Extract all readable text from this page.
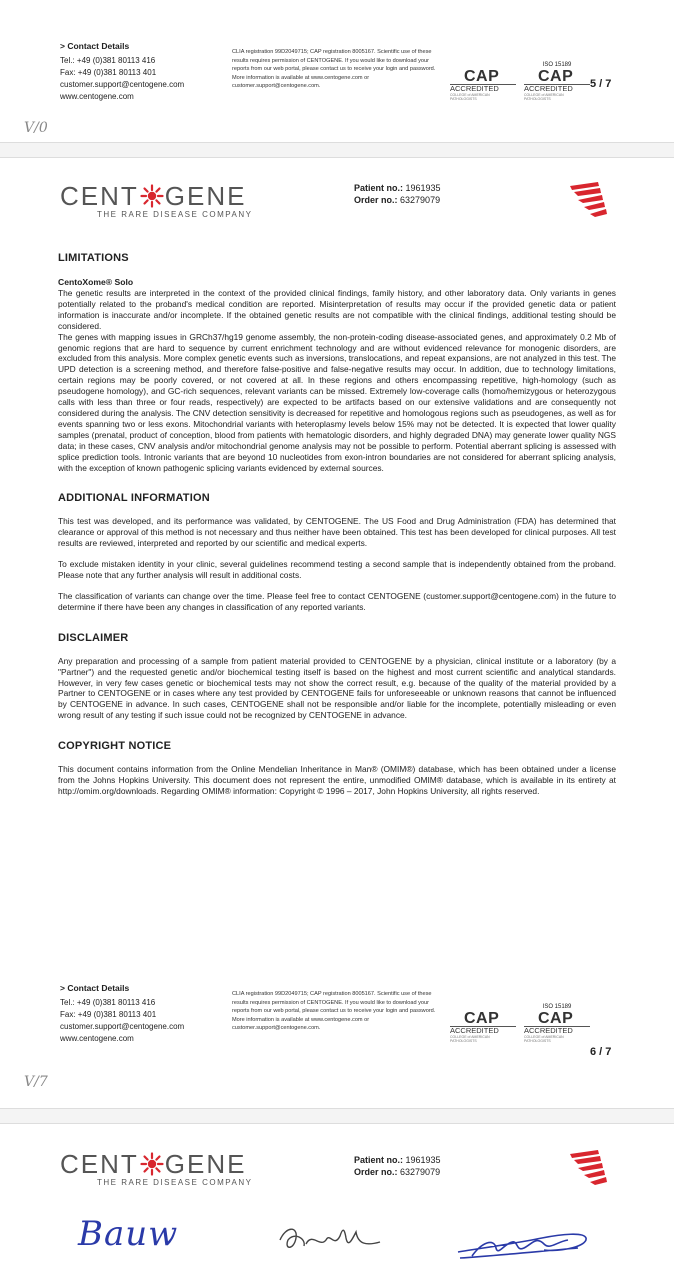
> Contact Details
Tel.: +49 (0)381 80113 416
Fax: +49 (0)381 80113 401
customer.support@centogene.com
www.centogene.com
CLIA registration 99D2049715; CAP registration 8005167. Scientific use of these results requires permission of CENTOGENE. If you would like to download your reports from our web portal, please contact us to receive your login and password. More information is available at www.centogene.com or customer.support@centogene.com.
CAP
ACCREDITED
COLLEGE of AMERICAN PATHOLOGISTS
ISO 15189
CAP
ACCREDITED
COLLEGE of AMERICAN PATHOLOGISTS
5 / 7
V/0
CENT GENE
THE RARE DISEASE COMPANY
Patient no.: 1961935
Order no.: 63279079
LIMITATIONS
CentoXome® Solo

The genetic results are interpreted in the context of the provided clinical findings, family history, and other laboratory data. Only variants in genes potentially related to the proband's medical condition are reported. Misinterpretation of results may occur if the provided genetic data or patient information is inaccurate and/or incomplete. If the obtained genetic results are not compatible with the clinical findings, additional testing should be considered.

The genes with mapping issues in GRCh37/hg19 genome assembly, the non-protein-coding disease-associated genes, and approximately 0.2 Mb of genomic regions that are hard to sequence by current enrichment technology and are without evidenced relevance for monogenic disorders, are excluded from this analysis. More complex genetic events such as inversions, translocations, and repeat expansions, are not analyzed in this test. The UPD detection is a screening method, and therefore false-positive and false-negative results may occur. In addition, due to technology limitations, certain regions may be poorly covered, or not covered at all. In these regions and others encompassing repetitive, high-homology (such as pseudogene homology), and GC-rich sequences, relevant variants can be missed. Extremely low-coverage calls (homo/hemizygous or heterozygous calls with less than three or four reads, respectively) are expected to be artifacts based on our extensive validations and are consequently not considered during the analysis. The CNV detection sensitivity is decreased for repetitive and homologous regions such as pseudogenes, as well as for events spanning two or less exons. Mitochondrial variants with heteroplasmy levels below 15% may not be detected. It is expected that lower quality samples (prenatal, product of conception, blood from patients with hematologic disorders, and highly degraded DNA) may generate lower quality NGS data; in these cases, CNV analysis and/or mitochondrial genome analysis may not be possible to perform. Potential aberrant splicing is assessed with splice prediction tools. Intronic variants that are beyond 10 nucleotides from exon-intron boundaries are not considered for aberrant splicing analysis, with the exception of known pathogenic splicing variants evidenced by external sources.

ADDITIONAL INFORMATION

This test was developed, and its performance was validated, by CENTOGENE. The US Food and Drug Administration (FDA) has determined that clearance or approval of this method is not necessary and thus neither have been obtained. This test has been developed for clinical purposes. All test results are reviewed, interpreted and reported by our scientific and medical experts.

To exclude mistaken identity in your clinic, several guidelines recommend testing a second sample that is independently obtained from the proband. Please note that any further analysis will result in additional costs.

The classification of variants can change over the time. Please feel free to contact CENTOGENE (customer.support@centogene.com) in the future to determine if there have been any changes in classification of any reported variants.

DISCLAIMER

Any preparation and processing of a sample from patient material provided to CENTOGENE by a physician, clinical institute or a laboratory (by a "Partner") and the requested genetic and/or biochemical testing itself is based on the highest and most current scientific and analytical standards. However, in very few cases genetic or biochemical tests may not show the correct result, e.g. because of the quality of the material provided by a Partner to CENTOGENE or in cases where any test provided by CENTOGENE fails for unforeseeable or unknown reasons that cannot be influenced by CENTOGENE in advance. In such cases, CENTOGENE shall not be responsible and/or liable for the incomplete, potentially misleading or even wrong result of any testing if such issue could not be recognized by CENTOGENE in advance.

COPYRIGHT NOTICE

This document contains information from the Online Mendelian Inheritance in Man® (OMIM®) database, which has been obtained under a license from the Johns Hopkins University. This document does not represent the entire, unmodified OMIM® database, which is available in its entirety at http://omim.org/downloads. Regarding OMIM® information: Copyright © 1996 – 2017, John Hopkins University, all rights reserved.

> Contact Details
Tel.: +49 (0)381 80113 416
Fax: +49 (0)381 80113 401
customer.support@centogene.com
www.centogene.com
CLIA registration 99D2049715; CAP registration 8005167. Scientific use of these results requires permission of CENTOGENE. If you would like to download your reports from our web portal, please contact us to receive your login and password. More information is available at www.centogene.com or customer.support@centogene.com.
CAP
ACCREDITED
COLLEGE of AMERICAN PATHOLOGISTS
ISO 15189
CAP
ACCREDITED
COLLEGE of AMERICAN PATHOLOGISTS
6 / 7
V/7
CENT GENE
THE RARE DISEASE COMPANY
Patient no.: 1961935
Order no.: 63279079
Bauw
